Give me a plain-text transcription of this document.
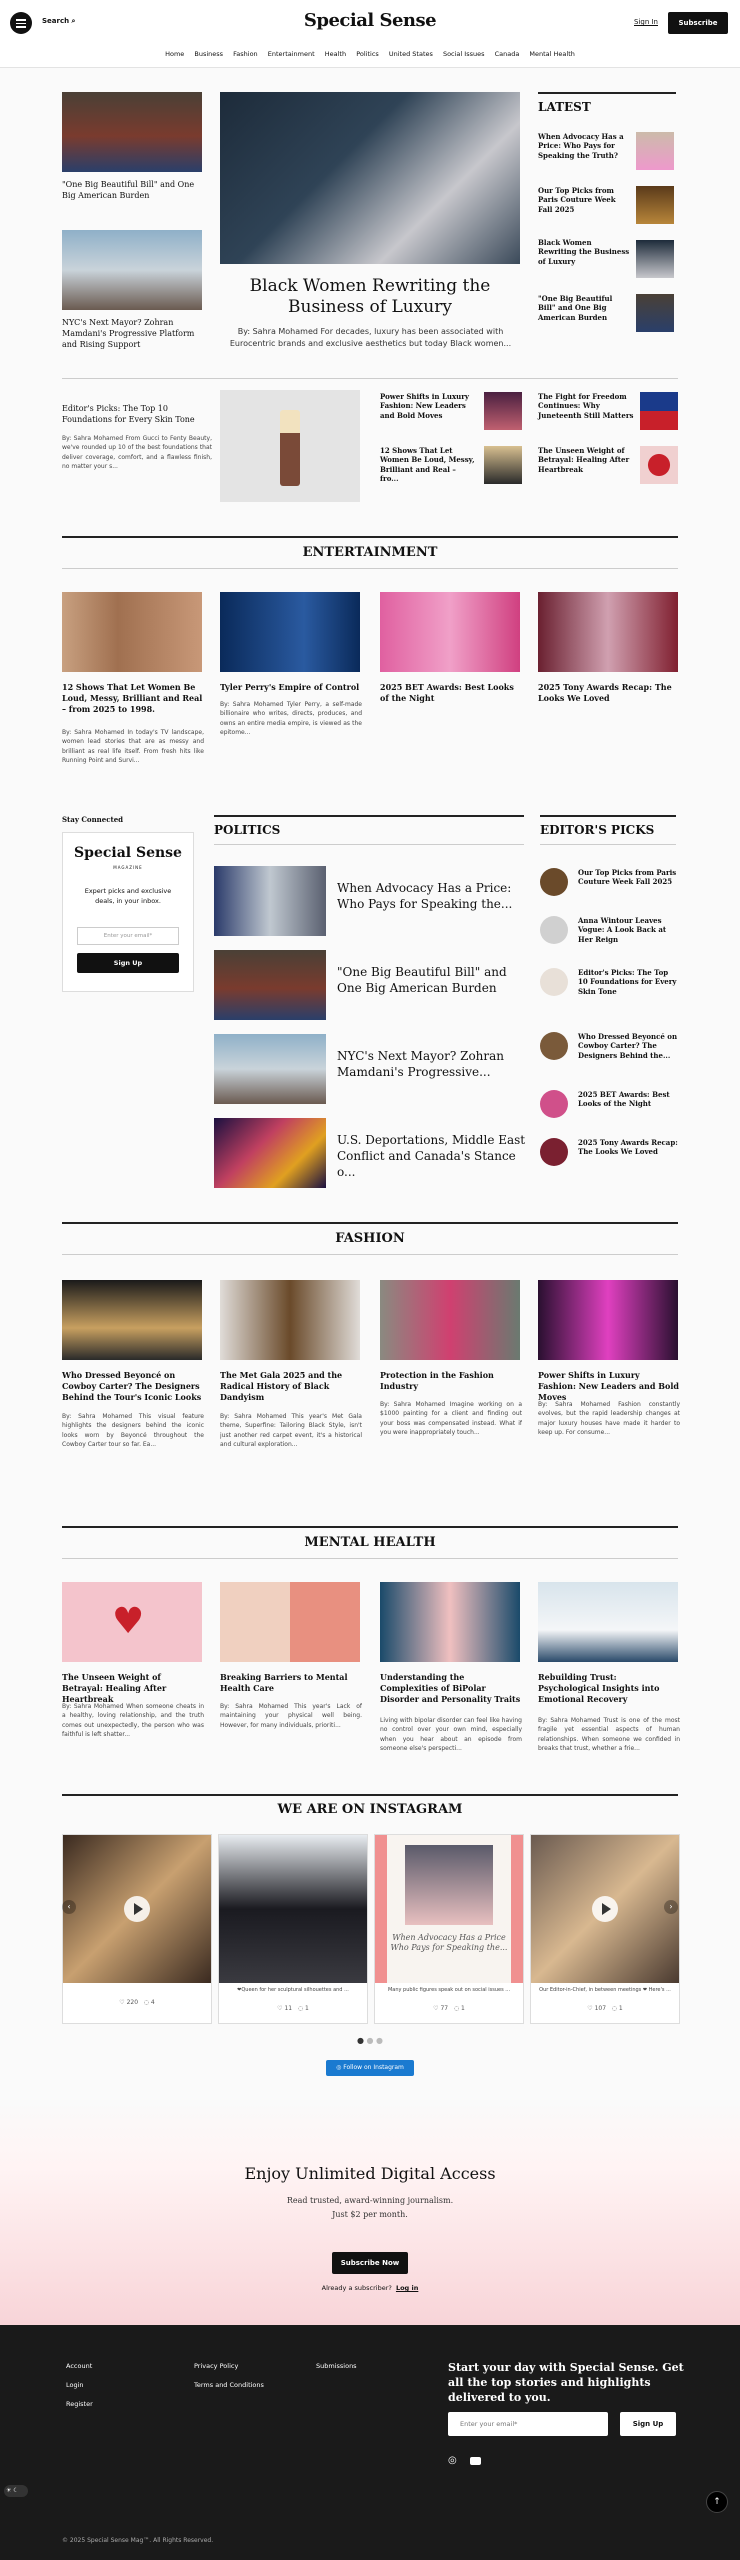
Search ⌕	Special Sense	Sign In	Subscribe
Home Business Fashion Entertainment Health Politics United States Social Issues Canada Mental Health
"One Big Beautiful Bill" and One Big American Burden
NYC's Next Mayor? Zohran Mamdani's Progressive Platform and Rising Support
Black Women Rewriting the Business of Luxury
By: Sahra Mohamed For decades, luxury has been associated with Eurocentric brands and exclusive aesthetics but today Black women...
LATEST
When Advocacy Has a Price: Who Pays for Speaking the Truth?
Our Top Picks from Paris Couture Week Fall 2025
Black Women Rewriting the Business of Luxury
"One Big Beautiful Bill" and One Big American Burden
Editor's Picks: The Top 10 Foundations for Every Skin Tone
By: Sahra Mohamed From Gucci to Fenty Beauty, we've rounded up 10 of the best foundations that deliver coverage, comfort, and a flawless finish, no matter your s...
Power Shifts in Luxury Fashion: New Leaders and Bold Moves
The Fight for Freedom Continues: Why Juneteenth Still Matters
12 Shows That Let Women Be Loud, Messy, Brilliant and Real – fro...
The Unseen Weight of Betrayal: Healing After Heartbreak
ENTERTAINMENT
12 Shows That Let Women Be Loud, Messy, Brilliant and Real – from 2025 to 1998.
By: Sahra Mohamed In today's TV landscape, women lead stories that are as messy and brilliant as real life itself. From fresh hits like Running Point and Survi...
Tyler Perry's Empire of Control
By: Sahra Mohamed Tyler Perry, a self-made billionaire who writes, directs, produces, and owns an entire media empire, is viewed as the epitome...
2025 BET Awards: Best Looks of the Night
2025 Tony Awards Recap: The Looks We Loved
Stay Connected
Special Sense
MAGAZINE
Expert picks and exclusive deals, in your inbox.
Enter your email*
Sign Up
POLITICS
When Advocacy Has a Price: Who Pays for Speaking the...
"One Big Beautiful Bill" and One Big American Burden
NYC's Next Mayor? Zohran Mamdani's Progressive...
U.S. Deportations, Middle East Conflict and Canada's Stance o...
EDITOR'S PICKS
Our Top Picks from Paris Couture Week Fall 2025
Anna Wintour Leaves Vogue: A Look Back at Her Reign
Editor's Picks: The Top 10 Foundations for Every Skin Tone
Who Dressed Beyoncé on Cowboy Carter? The Designers Behind the...
2025 BET Awards: Best Looks of the Night
2025 Tony Awards Recap: The Looks We Loved
FASHION
Who Dressed Beyoncé on Cowboy Carter? The Designers Behind the Tour's Iconic Looks
By: Sahra Mohamed This visual feature highlights the designers behind the iconic looks worn by Beyoncé throughout the Cowboy Carter tour so far. Ea...
The Met Gala 2025 and the Radical History of Black Dandyism
By: Sahra Mohamed This year's Met Gala theme, Superfine: Tailoring Black Style, isn't just another red carpet event, it's a historical and cultural exploration...
Protection in the Fashion Industry
By: Sahra Mohamed Imagine working on a $1000 painting for a client and finding out your boss was compensated instead. What if you were inappropriately touch...
Power Shifts in Luxury Fashion: New Leaders and Bold Moves
By: Sahra Mohamed Fashion constantly evolves, but the rapid leadership changes at major luxury houses have made it harder to keep up. For consume...
MENTAL HEALTH
♥
The Unseen Weight of Betrayal: Healing After Heartbreak
By: Sahra Mohamed When someone cheats in a healthy, loving relationship, and the truth comes out unexpectedly, the person who was faithful is left shatter...
Breaking Barriers to Mental Health Care
By: Sahra Mohamed This year's Lack of maintaining your physical well being. However, for many individuals, prioriti...
Understanding the Complexities of BiPolar Disorder and Personality Traits
Living with bipolar disorder can feel like having no control over your own mind, especially when you hear about an episode from someone else's perspecti...
Rebuilding Trust: Psychological Insights into Emotional Recovery
By: Sahra Mohamed Trust is one of the most fragile yet essential aspects of human relationships. When someone we confided in breaks that trust, whether a frie...
WE ARE ON INSTAGRAM
♡ 220   ◌ 4
❤Queen for her sculptural silhouettes and ...
♡ 11   ◌ 1
When Advocacy Has a Price Who Pays for Speaking the...
Many public figures speak out on social issues ...
♡ 77   ◌ 1
Our Editor-in-Chief, in between meetings ❤ Here's ...
♡ 107   ◌ 1
‹	›
● ● ●
◎ Follow on Instagram
Enjoy Unlimited Digital Access
Read trusted, award-winning journalism.
Just $2 per month.
Subscribe Now
Already a subscriber? Log in
Account
Login
Register
Privacy Policy
Terms and Conditions
Submissions	Start your day with Special Sense. Get all the top stories and highlights delivered to you.
Enter your email*	Sign Up
◎
☀ ☾
↑
© 2025 Special Sense Mag™. All Rights Reserved.
